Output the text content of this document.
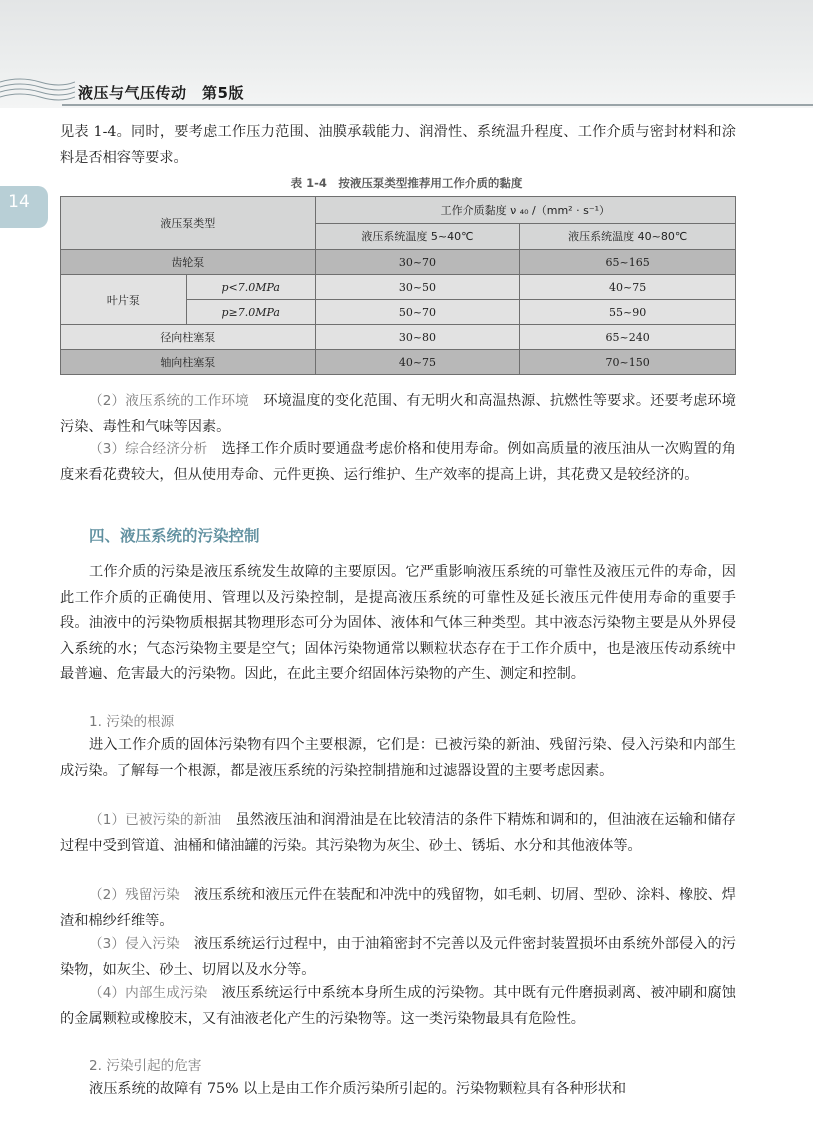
液压与气压传动　第5版
14

见表 1-4。同时，要考虑工作压力范围、油膜承载能力、润滑性、系统温升程度、工作介质与密封材料和涂料是否相容等要求。

表 1-4　按液压泵类型推荐用工作介质的黏度
液压泵类型		工作介质黏度 ν ₄₀ /（mm² · s⁻¹）	
		液压系统温度 5~40℃	液压系统温度 40~80℃
齿轮泵		30~70	65~165
叶片泵	p<7.0MPa	30~50	40~75
	p≥7.0MPa	50~70	55~90
径向柱塞泵		30~80	65~240
轴向柱塞泵		40~75	70~150

（2）液压系统的工作环境　环境温度的变化范围、有无明火和高温热源、抗燃性等要求。还要考虑环境污染、毒性和气味等因素。

（3）综合经济分析　选择工作介质时要通盘考虑价格和使用寿命。例如高质量的液压油从一次购置的角度来看花费较大，但从使用寿命、元件更换、运行维护、生产效率的提高上讲，其花费又是较经济的。

四、液压系统的污染控制

工作介质的污染是液压系统发生故障的主要原因。它严重影响液压系统的可靠性及液压元件的寿命，因此工作介质的正确使用、管理以及污染控制，是提高液压系统的可靠性及延长液压元件使用寿命的重要手段。油液中的污染物质根据其物理形态可分为固体、液体和气体三种类型。其中液态污染物主要是从外界侵入系统的水；气态污染物主要是空气；固体污染物通常以颗粒状态存在于工作介质中，也是液压传动系统中最普遍、危害最大的污染物。因此，在此主要介绍固体污染物的产生、测定和控制。

1. 污染的根源

进入工作介质的固体污染物有四个主要根源，它们是：已被污染的新油、残留污染、侵入污染和内部生成污染。了解每一个根源，都是液压系统的污染控制措施和过滤器设置的主要考虑因素。

（1）已被污染的新油　虽然液压油和润滑油是在比较清洁的条件下精炼和调和的，但油液在运输和储存过程中受到管道、油桶和储油罐的污染。其污染物为灰尘、砂土、锈垢、水分和其他液体等。

（2）残留污染　液压系统和液压元件在装配和冲洗中的残留物，如毛刺、切屑、型砂、涂料、橡胶、焊渣和棉纱纤维等。

（3）侵入污染　液压系统运行过程中，由于油箱密封不完善以及元件密封装置损坏由系统外部侵入的污染物，如灰尘、砂土、切屑以及水分等。

（4）内部生成污染　液压系统运行中系统本身所生成的污染物。其中既有元件磨损剥离、被冲刷和腐蚀的金属颗粒或橡胶末，又有油液老化产生的污染物等。这一类污染物最具有危险性。

2. 污染引起的危害

液压系统的故障有 75% 以上是由工作介质污染所引起的。污染物颗粒具有各种形状和
